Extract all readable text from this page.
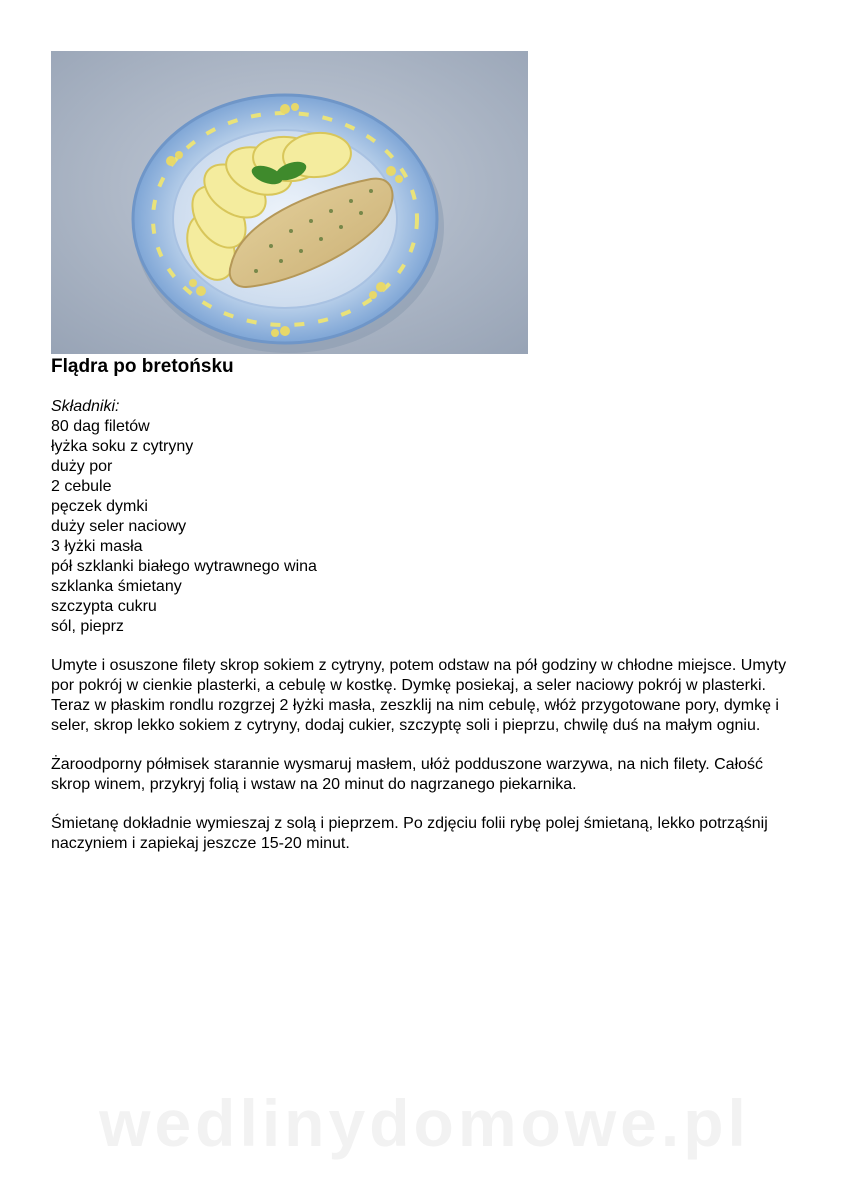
Flądra po bretońsku
Składniki:
80 dag filetów
łyżka soku z cytryny
duży por
2 cebule
pęczek dymki
duży seler naciowy
3 łyżki masła
pół szklanki białego wytrawnego wina
szklanka śmietany
szczypta cukru
sól, pieprz

Umyte i osuszone filety skrop sokiem z cytryny, potem odstaw na pół godziny w chłodne miejsce. Umyty por pokrój w cienkie plasterki, a cebulę w kostkę. Dymkę posiekaj, a seler naciowy pokrój w plasterki. Teraz w płaskim rondlu rozgrzej 2 łyżki masła, zeszklij na nim cebulę, włóż przygotowane pory, dymkę i seler, skrop lekko sokiem z cytryny, dodaj cukier, szczyptę soli i pieprzu, chwilę duś na małym ogniu.

Żaroodporny półmisek starannie wysmaruj masłem, ułóż podduszone warzywa, na nich filety. Całość skrop winem, przykryj folią i wstaw na 20 minut do nagrzanego piekarnika.

Śmietanę dokładnie wymieszaj z solą i pieprzem. Po zdjęciu folii rybę polej śmietaną, lekko potrząśnij naczyniem i zapiekaj jeszcze 15-20 minut.

wedlinydomowe.pl
